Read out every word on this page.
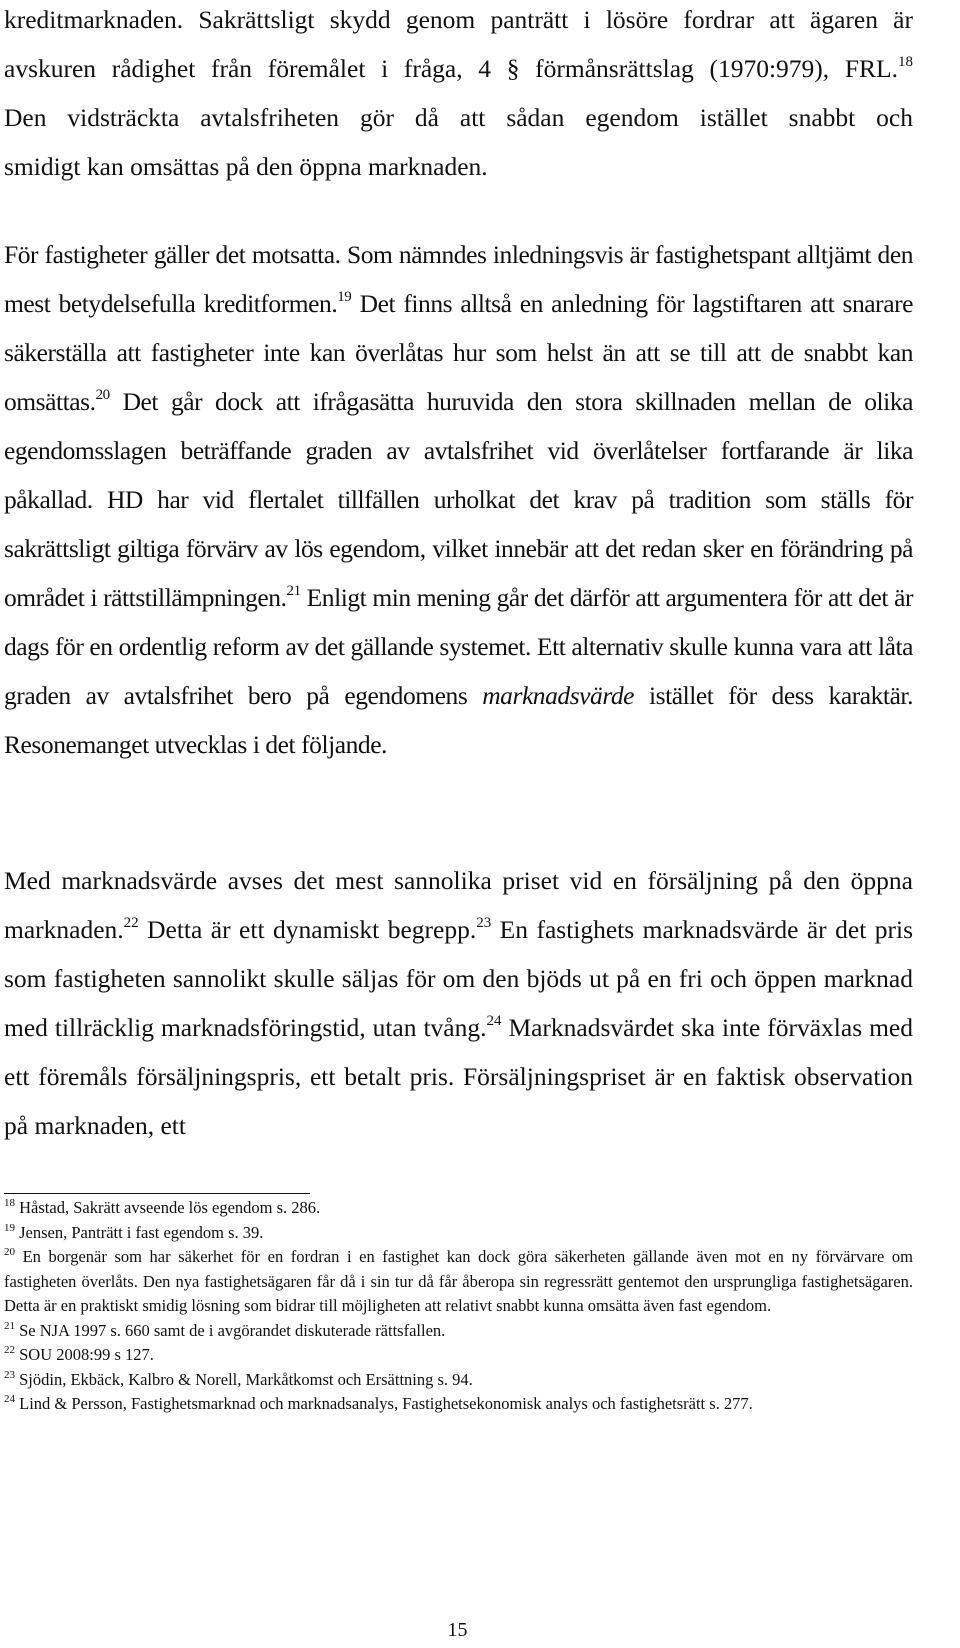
kreditmarknaden. Sakrättsligt skydd genom panträtt i lösöre fordrar att ägaren är
avskuren rådighet från föremålet i fråga, 4 § förmånsrättslag (1970:979), FRL.$^{18}$
Den vidsträckta avtalsfriheten gör då att sådan egendom istället snabbt och
smidigt kan omsättas på den öppna marknaden.

För fastigheter gäller det motsatta. Som nämndes inledningsvis är fastighetspant alltjämt den mest betydelsefulla kreditformen.$^{19}$ Det finns alltså en anledning för lagstiftaren att snarare säkerställa att fastigheter inte kan överlåtas hur som helst än att se till att de snabbt kan omsättas.$^{20}$ Det går dock att ifrågasätta huruvida den stora skillnaden mellan de olika egendomsslagen beträffande graden av avtalsfrihet vid överlåtelser fortfarande är lika påkallad. HD har vid flertalet tillfällen urholkat det krav på tradition som ställs för sakrättsligt giltiga förvärv av lös egendom, vilket innebär att det redan sker en förändring på området i rättstillämpningen.$^{21}$ Enligt min mening går det därför att argumentera för att det är dags för en ordentlig reform av det gällande systemet. Ett alternativ skulle kunna vara att låta graden av avtalsfrihet bero på egendomens marknadsvärde istället för dess karaktär. Resonemanget utvecklas i det följande.

Med marknadsvärde avses det mest sannolika priset vid en försäljning på den öppna marknaden.$^{22}$ Detta är ett dynamiskt begrepp.$^{23}$ En fastighets marknadsvärde är det pris som fastigheten sannolikt skulle säljas för om den bjöds ut på en fri och öppen marknad med tillräcklig marknadsföringstid, utan tvång.$^{24}$ Marknadsvärdet ska inte förväxlas med ett föremåls försäljningspris, ett betalt pris. Försäljningspriset är en faktisk observation på marknaden, ett

$^{18}$ Håstad, Sakrätt avseende lös egendom s. 286.

$^{19}$ Jensen, Panträtt i fast egendom s. 39.

$^{20}$ En borgenär som har säkerhet för en fordran i en fastighet kan dock göra säkerheten gällande även mot en ny förvärvare om fastigheten överlåts. Den nya fastighetsägaren får då i sin tur då får åberopa sin regressrätt gentemot den ursprungliga fastighetsägaren. Detta är en praktiskt smidig lösning som bidrar till möjligheten att relativt snabbt kunna omsätta även fast egendom.

$^{21}$ Se NJA 1997 s. 660 samt de i avgörandet diskuterade rättsfallen.

$^{22}$ SOU 2008:99 s 127.

$^{23}$ Sjödin, Ekbäck, Kalbro & Norell, Markåtkomst och Ersättning s. 94.

$^{24}$ Lind & Persson, Fastighetsmarknad och marknadsanalys, Fastighetsekonomisk analys och fastighetsrätt s. 277.

15
